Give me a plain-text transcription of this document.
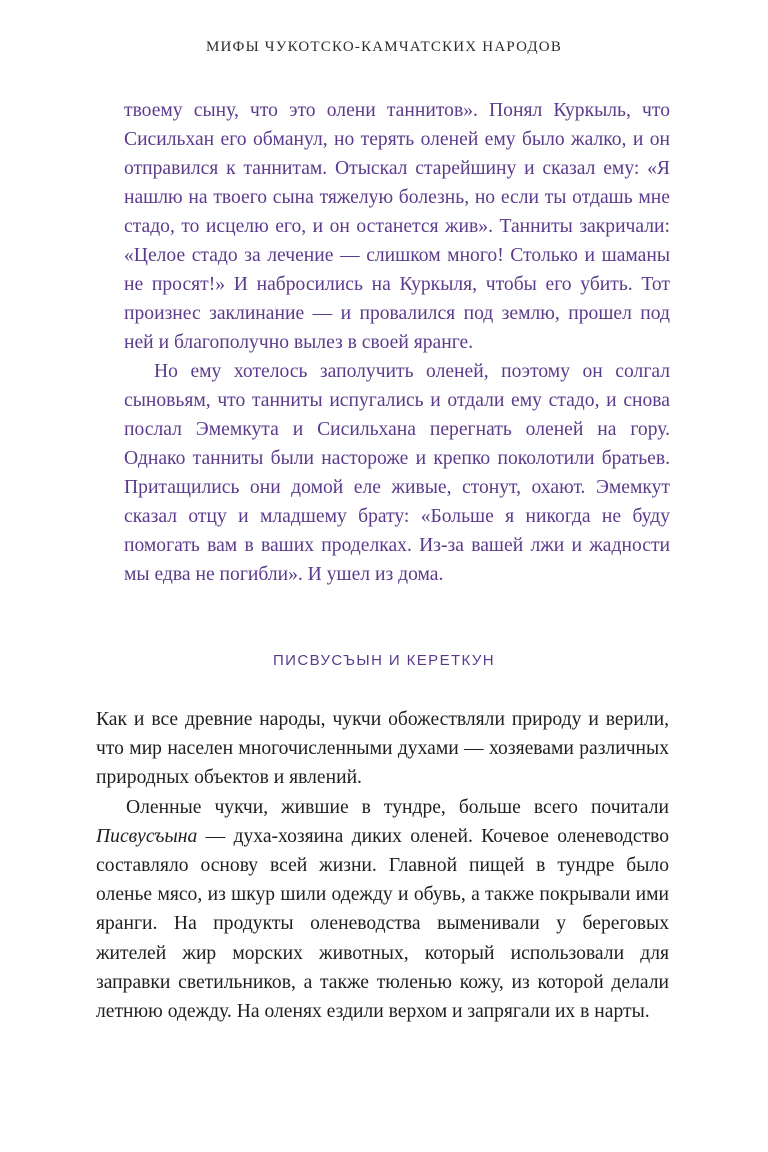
МИФЫ ЧУКОТСКО-КАМЧАТСКИХ НАРОДОВ

твоему сыну, что это олени таннитов». Понял Куркыль, что Сисильхан его обманул, но терять оленей ему было жалко, и он отправился к таннитам. Отыскал старейшину и сказал ему: «Я нашлю на твоего сына тяжелую болезнь, но если ты отдашь мне стадо, то исцелю его, и он останется жив». Танниты закричали: «Целое стадо за лечение — слишком много! Столько и шаманы не просят!» И набросились на Куркыля, чтобы его убить. Тот произнес заклинание — и провалился под землю, прошел под ней и благополучно вылез в своей яранге.

Но ему хотелось заполучить оленей, поэтому он солгал сыновьям, что танниты испугались и отдали ему стадо, и снова послал Эмемкута и Сисильхана перегнать оленей на гору. Однако танниты были настороже и крепко поколотили братьев. Притащились они домой еле живые, стонут, охают. Эмемкут сказал отцу и младшему брату: «Больше я никогда не буду помогать вам в ваших проделках. Из-за вашей лжи и жадности мы едва не погибли». И ушел из дома.

ПИСВУСЪЫН И КЕРЕТКУН

Как и все древние народы, чукчи обожествляли природу и верили, что мир населен многочисленными духами — хозяевами различных природных объектов и явлений.

Оленные чукчи, жившие в тундре, больше всего почитали Писвусъына — духа-хозяина диких оленей. Кочевое оленеводство составляло основу всей жизни. Главной пищей в тундре было оленье мясо, из шкур шили одежду и обувь, а также покрывали ими яранги. На продукты оленеводства выменивали у береговых жителей жир морских животных, который использовали для заправки светильников, а также тюленью кожу, из которой делали летнюю одежду. На оленях ездили верхом и запрягали их в нарты.
